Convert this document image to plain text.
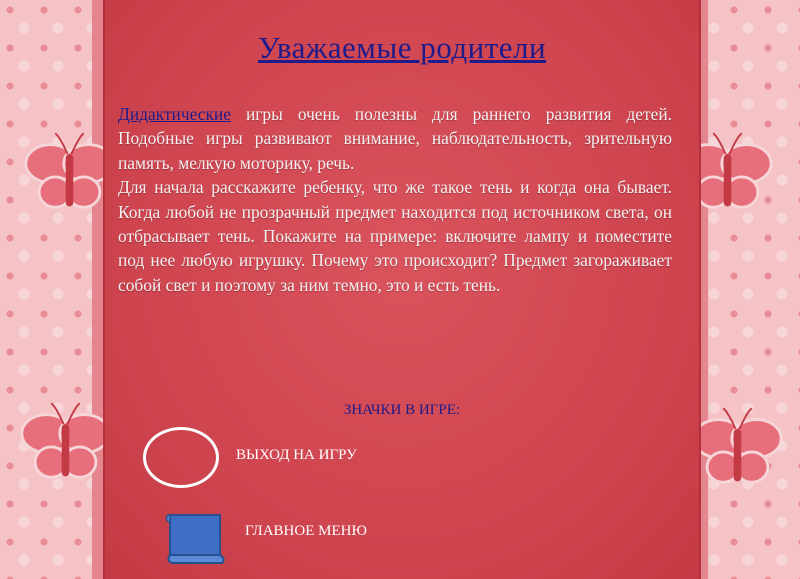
Уважаемые родители

Дидактические игры очень полезны для раннего развития детей. Подобные игры развивают внимание, наблюдательность, зрительную память, мелкую моторику, речь.

Для начала расскажите ребенку, что же такое тень и когда она бывает. Когда любой не прозрачный предмет находится под источником света, он отбрасывает тень. Покажите на примере: включите лампу и поместите под нее любую игрушку. Почему это происходит? Предмет загораживает собой свет и поэтому за ним темно, это и есть тень.

ЗНАЧКИ В ИГРЕ:
ВЫХОД НА ИГРУ
ГЛАВНОЕ МЕНЮ
